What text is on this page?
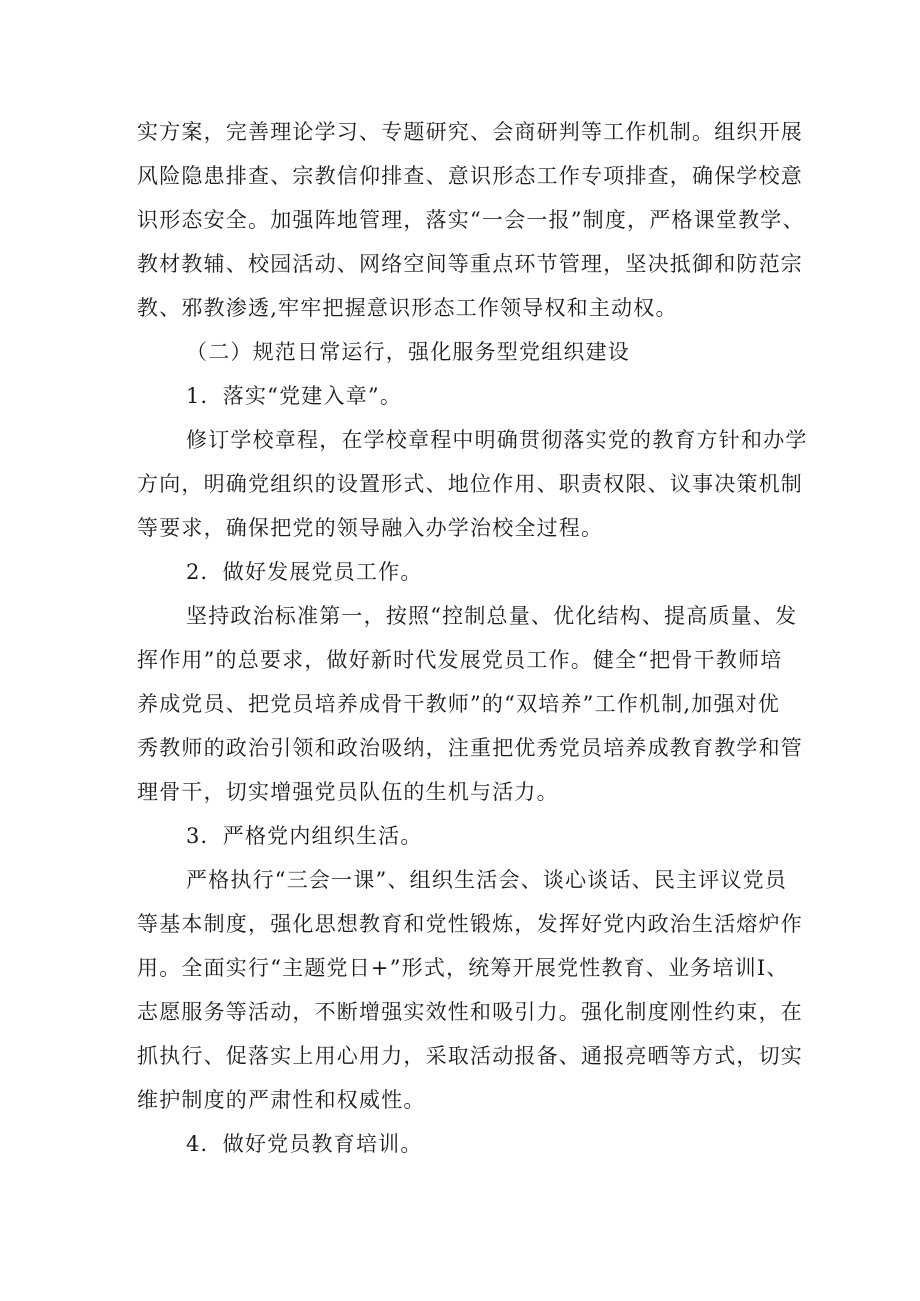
实方案，完善理论学习、专题研究、会商研判等工作机制。组织开展
风险隐患排查、宗教信仰排查、意识形态工作专项排查，确保学校意
识形态安全。加强阵地管理，落实“一会一报”制度，严格课堂教学、
教材教辅、校园活动、网络空间等重点环节管理，坚决抵御和防范宗
教、邪教渗透,牢牢把握意识形态工作领导权和主动权。
（二）规范日常运行，强化服务型党组织建设
1．落实“党建入章”。
修订学校章程，在学校章程中明确贯彻落实党的教育方针和办学
方向，明确党组织的设置形式、地位作用、职责权限、议事决策机制
等要求，确保把党的领导融入办学治校全过程。
2．做好发展党员工作。
坚持政治标准第一，按照“控制总量、优化结构、提高质量、发
挥作用”的总要求，做好新时代发展党员工作。健全“把骨干教师培
养成党员、把党员培养成骨干教师”的“双培养”工作机制,加强对优
秀教师的政治引领和政治吸纳，注重把优秀党员培养成教育教学和管
理骨干，切实增强党员队伍的生机与活力。
3．严格党内组织生活。
严格执行“三会一课”、组织生活会、谈心谈话、民主评议党员
等基本制度，强化思想教育和党性锻炼，发挥好党内政治生活熔炉作
用。全面实行“主题党日+”形式，统筹开展党性教育、业务培训I、
志愿服务等活动，不断增强实效性和吸引力。强化制度刚性约束，在
抓执行、促落实上用心用力，采取活动报备、通报亮晒等方式，切实
维护制度的严肃性和权威性。
4．做好党员教育培训。
